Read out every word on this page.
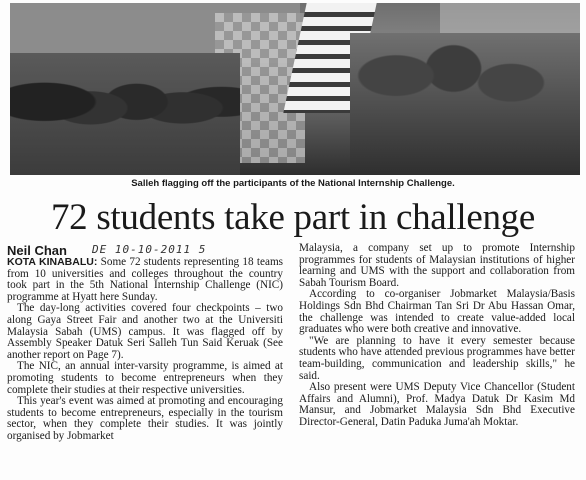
Salleh flagging off the participants of the National Internship Challenge.
72 students take part in challenge
Neil Chan DE 10-10-2011 5

KOTA KINABALU: Some 72 students representing 18 teams from 10 universities and colleges throughout the country took part in the 5th National Internship Challenge (NIC) programme at Hyatt here Sunday.

The day-long activities covered four checkpoints – two along Gaya Street Fair and another two at the Universiti Malaysia Sabah (UMS) campus. It was flagged off by Assembly Speaker Datuk Seri Salleh Tun Said Keruak (See another report on Page 7).

The NIC, an annual inter-varsity programme, is aimed at promoting students to become entrepreneurs when they complete their studies at their respective universities.

This year's event was aimed at promoting and encouraging students to become entrepreneurs, especially in the tourism sector, when they complete their studies. It was jointly organised by Jobmarket

Malaysia, a company set up to promote Internship programmes for students of Malaysian institutions of higher learning and UMS with the support and collaboration from Sabah Tourism Board.

According to co-organiser Jobmarket Malaysia/Basis Holdings Sdn Bhd Chairman Tan Sri Dr Abu Hassan Omar, the challenge was intended to create value-added local graduates who were both creative and innovative.

"We are planning to have it every semester because students who have attended previous programmes have better team-building, communication and leadership skills," he said.

Also present were UMS Deputy Vice Chancellor (Student Affairs and Alumni), Prof. Madya Datuk Dr Kasim Md Mansur, and Jobmarket Malaysia Sdn Bhd Executive Director-General, Datin Paduka Juma'ah Moktar.
